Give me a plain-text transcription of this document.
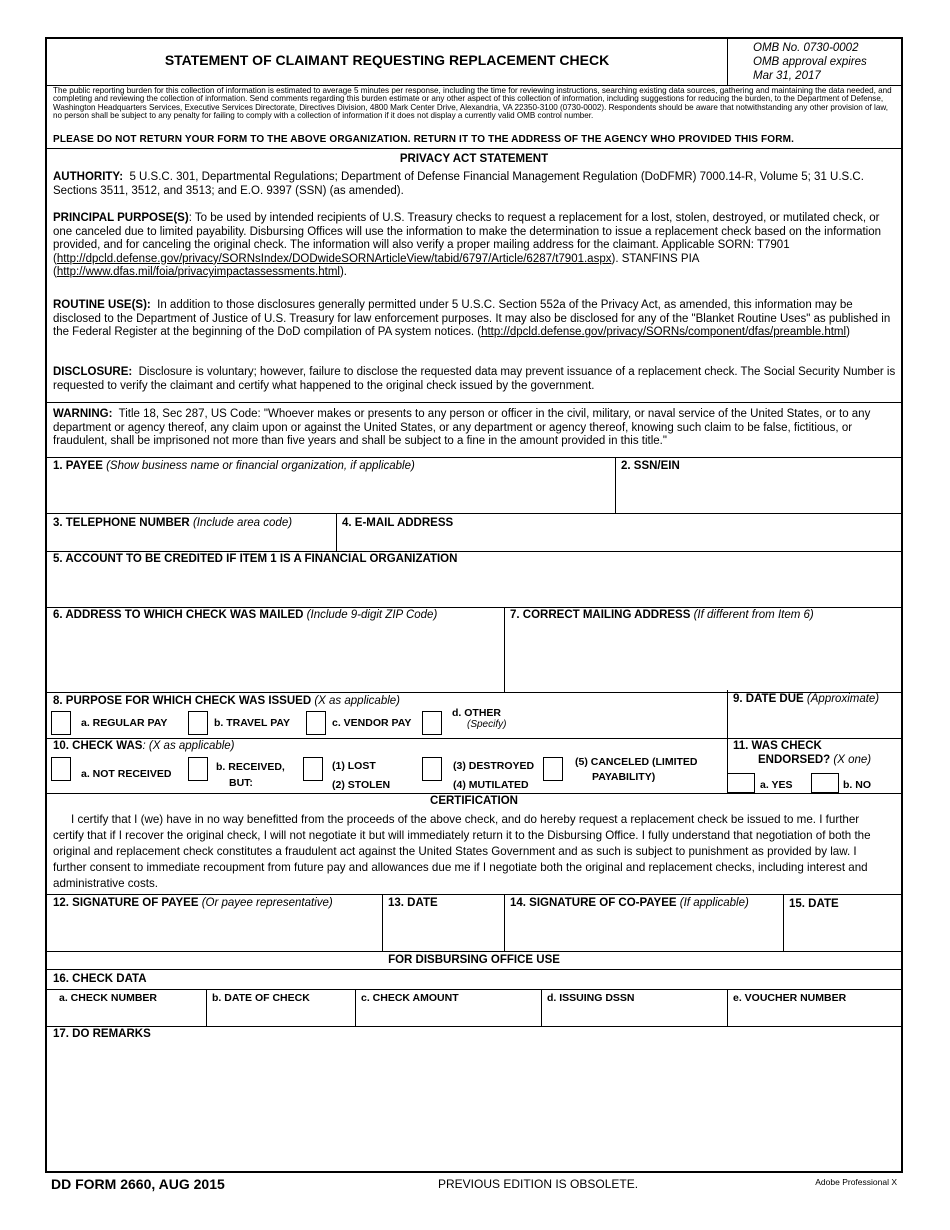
STATEMENT OF CLAIMANT REQUESTING REPLACEMENT CHECK
OMB No. 0730-0002
OMB approval expires
Mar 31, 2017
The public reporting burden for this collection of information is estimated to average 5 minutes per response, including the time for reviewing instructions, searching existing data sources, gathering and maintaining the data needed, and completing and reviewing the collection of information. Send comments regarding this burden estimate or any other aspect of this collection of information, including suggestions for reducing the burden, to the Department of Defense, Washington Headquarters Services, Executive Services Directorate, Directives Division, 4800 Mark Center Drive, Alexandria, VA 22350-3100 (0730-0002). Respondents should be aware that notwithstanding any other provision of law, no person shall be subject to any penalty for failing to comply with a collection of information if it does not display a currently valid OMB control number.
PLEASE DO NOT RETURN YOUR FORM TO THE ABOVE ORGANIZATION. RETURN IT TO THE ADDRESS OF THE AGENCY WHO PROVIDED THIS FORM.
PRIVACY ACT STATEMENT
AUTHORITY: 5 U.S.C. 301, Departmental Regulations; Department of Defense Financial Management Regulation (DoDFMR) 7000.14-R, Volume 5; 31 U.S.C. Sections 3511, 3512, and 3513; and E.O. 9397 (SSN) (as amended).
PRINCIPAL PURPOSE(S): To be used by intended recipients of U.S. Treasury checks to request a replacement for a lost, stolen, destroyed, or mutilated check, or one canceled due to limited payability. Disbursing Offices will use the information to make the determination to issue a replacement check based on the information provided, and for canceling the original check. The information will also verify a proper mailing address for the claimant. Applicable SORN: T7901 (http://dpcld.defense.gov/privacy/SORNsIndex/DODwideSORNArticleView/tabid/6797/Article/6287/t7901.aspx). STANFINS PIA (http://www.dfas.mil/foia/privacyimpactassessments.html).
ROUTINE USE(S): In addition to those disclosures generally permitted under 5 U.S.C. Section 552a of the Privacy Act, as amended, this information may be disclosed to the Department of Justice of U.S. Treasury for law enforcement purposes. It may also be disclosed for any of the "Blanket Routine Uses" as published in the Federal Register at the beginning of the DoD compilation of PA system notices. (http://dpcld.defense.gov/privacy/SORNs/component/dfas/preamble.html)
DISCLOSURE: Disclosure is voluntary; however, failure to disclose the requested data may prevent issuance of a replacement check. The Social Security Number is requested to verify the claimant and certify what happened to the original check issued by the government.
WARNING: Title 18, Sec 287, US Code: "Whoever makes or presents to any person or officer in the civil, military, or naval service of the United States, or to any department or agency thereof, any claim upon or against the United States, or any department or agency thereof, knowing such claim to be false, fictitious, or fraudulent, shall be imprisoned not more than five years and shall be subject to a fine in the amount provided in this title."
1. PAYEE (Show business name or financial organization, if applicable)	2. SSN/EIN
3. TELEPHONE NUMBER (Include area code)	4. E-MAIL ADDRESS
5. ACCOUNT TO BE CREDITED IF ITEM 1 IS A FINANCIAL ORGANIZATION
6. ADDRESS TO WHICH CHECK WAS MAILED (Include 9-digit ZIP Code)	7. CORRECT MAILING ADDRESS (If different from Item 6)
8. PURPOSE FOR WHICH CHECK WAS ISSUED (X as applicable)	9. DATE DUE (Approximate)
a. REGULAR PAY	b. TRAVEL PAY	c. VENDOR PAY
d. OTHER
(Specify)
10. CHECK WAS: (X as applicable)
a. NOT RECEIVED
b. RECEIVED,
BUT:
(1) LOST
(2) STOLEN
(3) DESTROYED
(4) MUTILATED
(5) CANCELED (LIMITED
PAYABILITY)
11. WAS CHECK
ENDORSED? (X one)
a. YES	b. NO
CERTIFICATION
I certify that I (we) have in no way benefitted from the proceeds of the above check, and do hereby request a replacement check be issued to me. I further certify that if I recover the original check, I will not negotiate it but will immediately return it to the Disbursing Office. I fully understand that negotiation of both the original and replacement check constitutes a fraudulent act against the United States Government and as such is subject to punishment as provided by law. I further consent to immediate recoupment from future pay and allowances due me if I negotiate both the original and replacement checks, including interest and administrative costs.
12. SIGNATURE OF PAYEE (Or payee representative)	13. DATE	14. SIGNATURE OF CO-PAYEE (If applicable)	15. DATE
FOR DISBURSING OFFICE USE
16. CHECK DATA
a. CHECK NUMBER	b. DATE OF CHECK	c. CHECK AMOUNT	d. ISSUING DSSN	e. VOUCHER NUMBER
17. DO REMARKS
DD FORM 2660, AUG 2015	PREVIOUS EDITION IS OBSOLETE.	Adobe Professional X
